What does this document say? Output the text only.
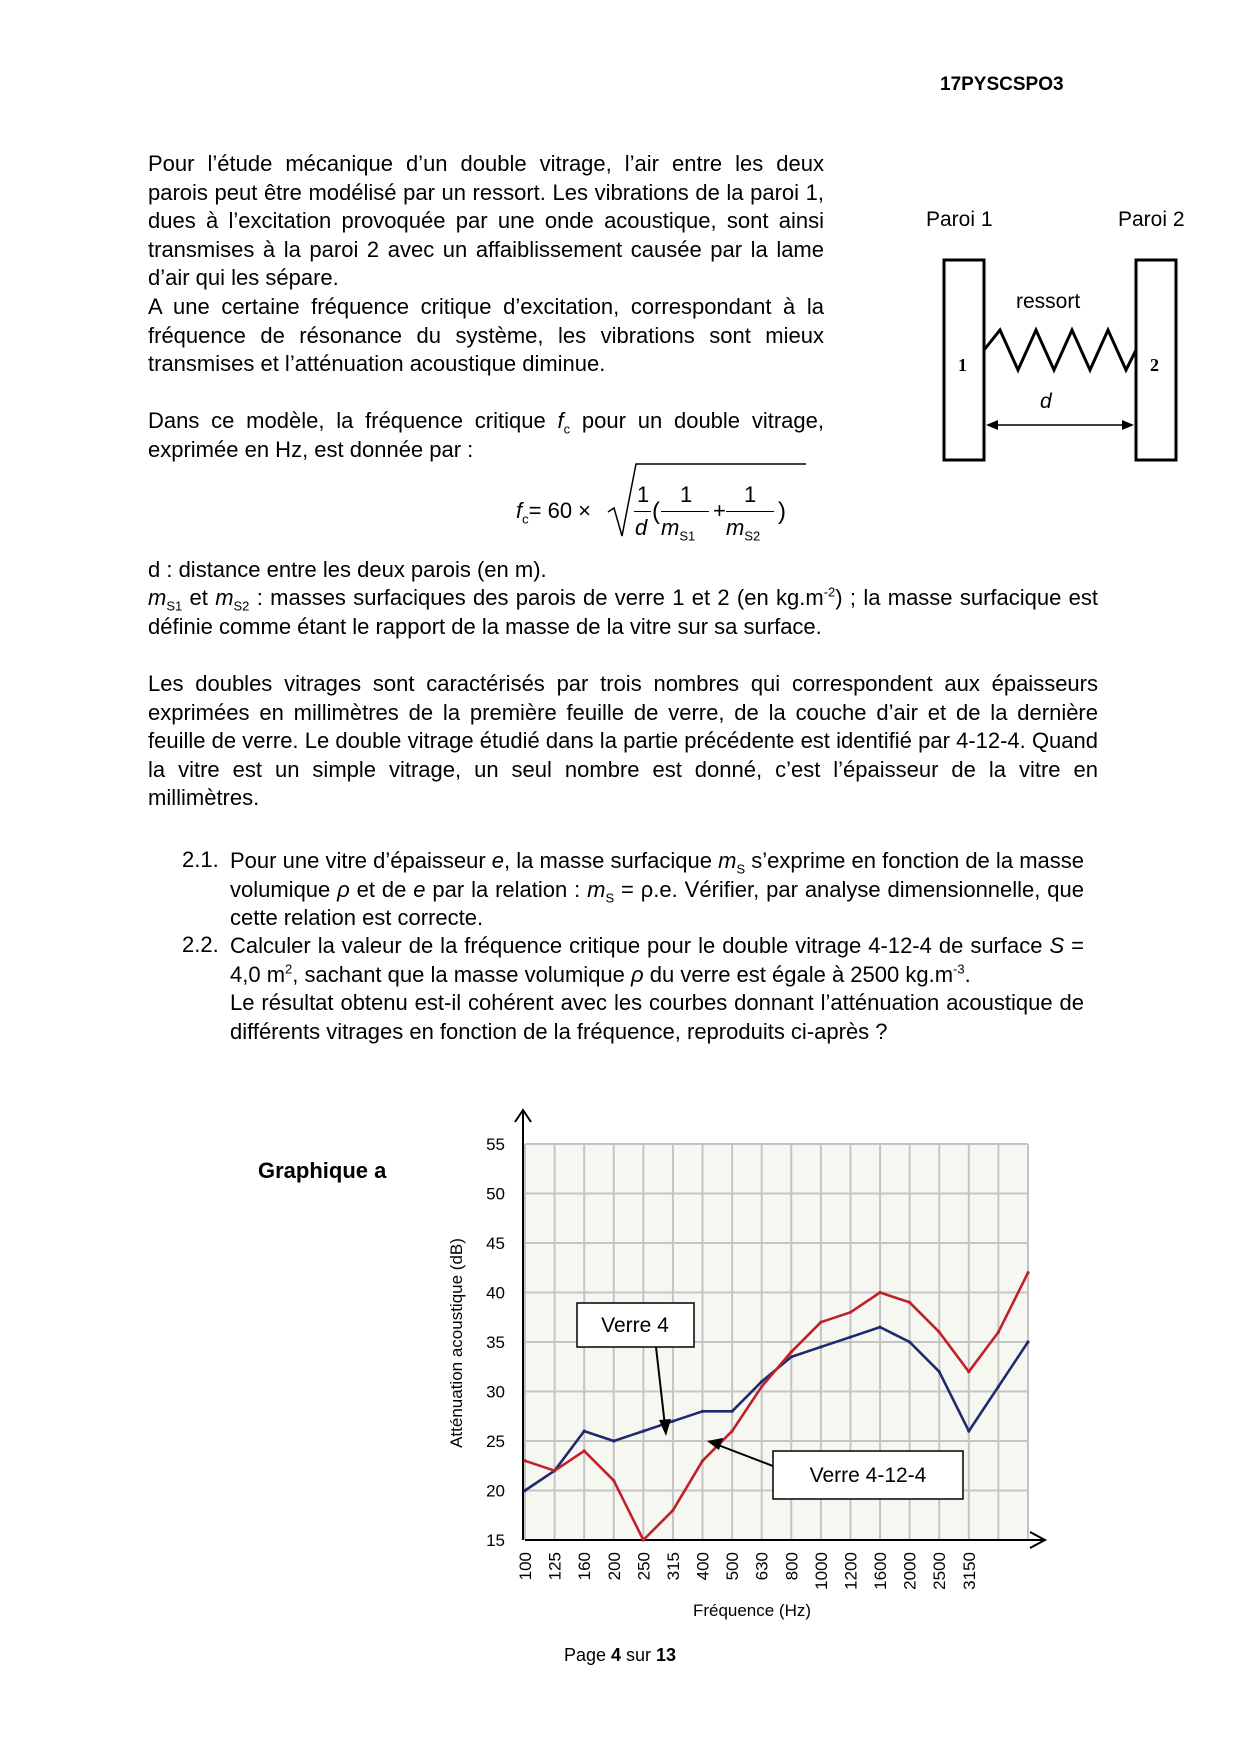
17PYSCSPO3
Pour l’étude mécanique d’un double vitrage, l’air entre les deux parois peut être modélisé par un ressort. Les vibrations de la paroi 1, dues à l’excitation provoquée par une onde acoustique, sont ainsi transmises à la paroi 2 avec un affaiblissement causée par la lame d’air qui les sépare.
A une certaine fréquence critique d’excitation, correspondant à la fréquence de résonance du système, les vibrations sont mieux transmises et l’atténuation acoustique diminue.
Dans ce modèle, la fréquence critique $f_c$ pour un double vitrage, exprimée en Hz, est donnée par :
Paroi 1	Paroi 2
ressort
1	2
d
$f_c= 60$ ×
1
d
(
1
$m_{S1}$
+
1
$m_{S2}$
)
d : distance entre les deux parois (en m).
$m_{S1}$ et $m_{S2}$ : masses surfaciques des parois de verre 1 et 2 (en $kg.m^{-2}$) ; la masse surfacique est définie comme étant le rapport de la masse de la vitre sur sa surface.
Les doubles vitrages sont caractérisés par trois nombres qui correspondent aux épaisseurs exprimées en millimètres de la première feuille de verre, de la couche d’air et de la dernière feuille de verre. Le double vitrage étudié dans la partie précédente est identifié par 4-12-4. Quand la vitre est un simple vitrage, un seul nombre est donné, c’est l’épaisseur de la vitre en millimètres.
2.1. Pour une vitre d’épaisseur e, la masse surfacique $m_S$ s’exprime en fonction de la masse volumique ρ et de e par la relation : $m_S = \rho.e$. Vérifier, par analyse dimensionnelle, que cette relation est correcte.
2.2. Calculer la valeur de la fréquence critique pour le double vitrage 4-12-4 de surface S = 4,0 $m^2$, sachant que la masse volumique ρ du verre est égale à 2500 $kg.m^{-3}$.
Le résultat obtenu est-il cohérent avec les courbes donnant l’atténuation acoustique de différents vitrages en fonction de la fréquence, reproduits ci-après ?
Graphique a
55
50
45
40
35
30
25
20
15
100 125 160 200 250 315 400 500 630 800 1000 1200 1600 2000 2500 3150
Fréquence (Hz)
Atténuation acoustique (dB)	Verre 4
Verre 4-12-4
Page 4 sur 13
